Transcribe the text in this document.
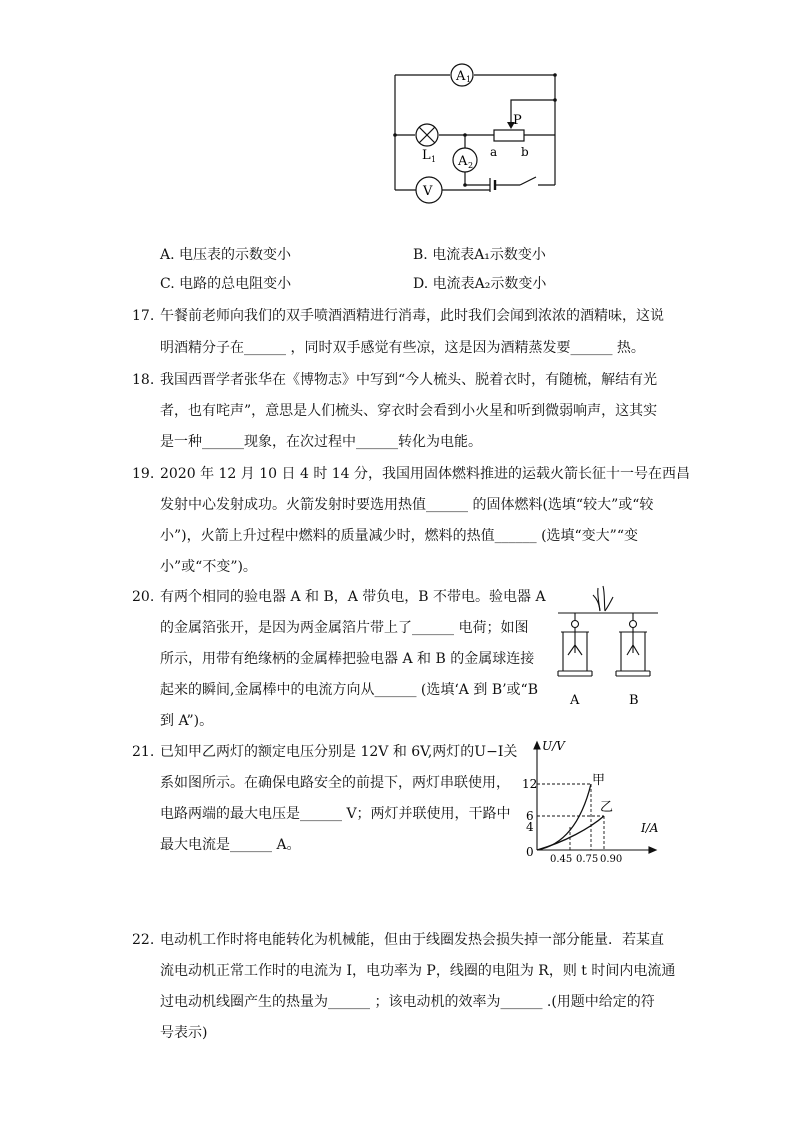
A 1
P
L 1 A 2
a b
V
A. 电压表的示数变小	B. 电流表A₁示数变小
C. 电路的总电阻变小	D. 电流表A₂示数变小
17. 午餐前老师向我们的双手喷酒酒精进行消毒，此时我们会闻到浓浓的酒精味，这说
明酒精分子在______ ，同时双手感觉有些凉，这是因为酒精蒸发要______ 热。
18. 我国西晋学者张华在《博物志》中写到“今人梳头、脱着衣时，有随梳，解结有光
者，也有咤声”，意思是人们梳头、穿衣时会看到小火星和听到微弱响声，这其实
是一种______现象，在次过程中______转化为电能。
19. 2020 年 12 月 10 日 4 时 14 分，我国用固体燃料推进的运载火箭长征十一号在西昌
发射中心发射成功。火箭发射时要选用热值______ 的固体燃料(选填“较大”或“较
小”)，火箭上升过程中燃料的质量减少时，燃料的热值______ (选填“变大”“变
小”或“不变”)。
20. 有两个相同的验电器 A 和 B，A 带负电，B 不带电。验电器 A
的金属箔张开，是因为两金属箔片带上了______ 电荷；如图
所示，用带有绝缘柄的金属棒把验电器 A 和 B 的金属球连接
起来的瞬间,金属棒中的电流方向从______ (选填‘A 到 B’或“B
到 A”)。
A	B
21. 已知甲乙两灯的额定电压分别是 12V 和 6V,两灯的U−I关
系如图所示。在确保电路安全的前提下，两灯串联使用，
电路两端的最大电压是______ V；两灯并联使用，干路中
最大电流是______ A。
U/V
I/A
0
12
6
4
0.45 0.75 0.90
甲
乙
22. 电动机工作时将电能转化为机械能，但由于线圈发热会损失掉一部分能量．若某直
流电动机正常工作时的电流为 I，电功率为 P，线圈的电阻为 R，则 t 时间内电流通
过电动机线圈产生的热量为______ ；该电动机的效率为______ .(用题中给定的符
号表示)
